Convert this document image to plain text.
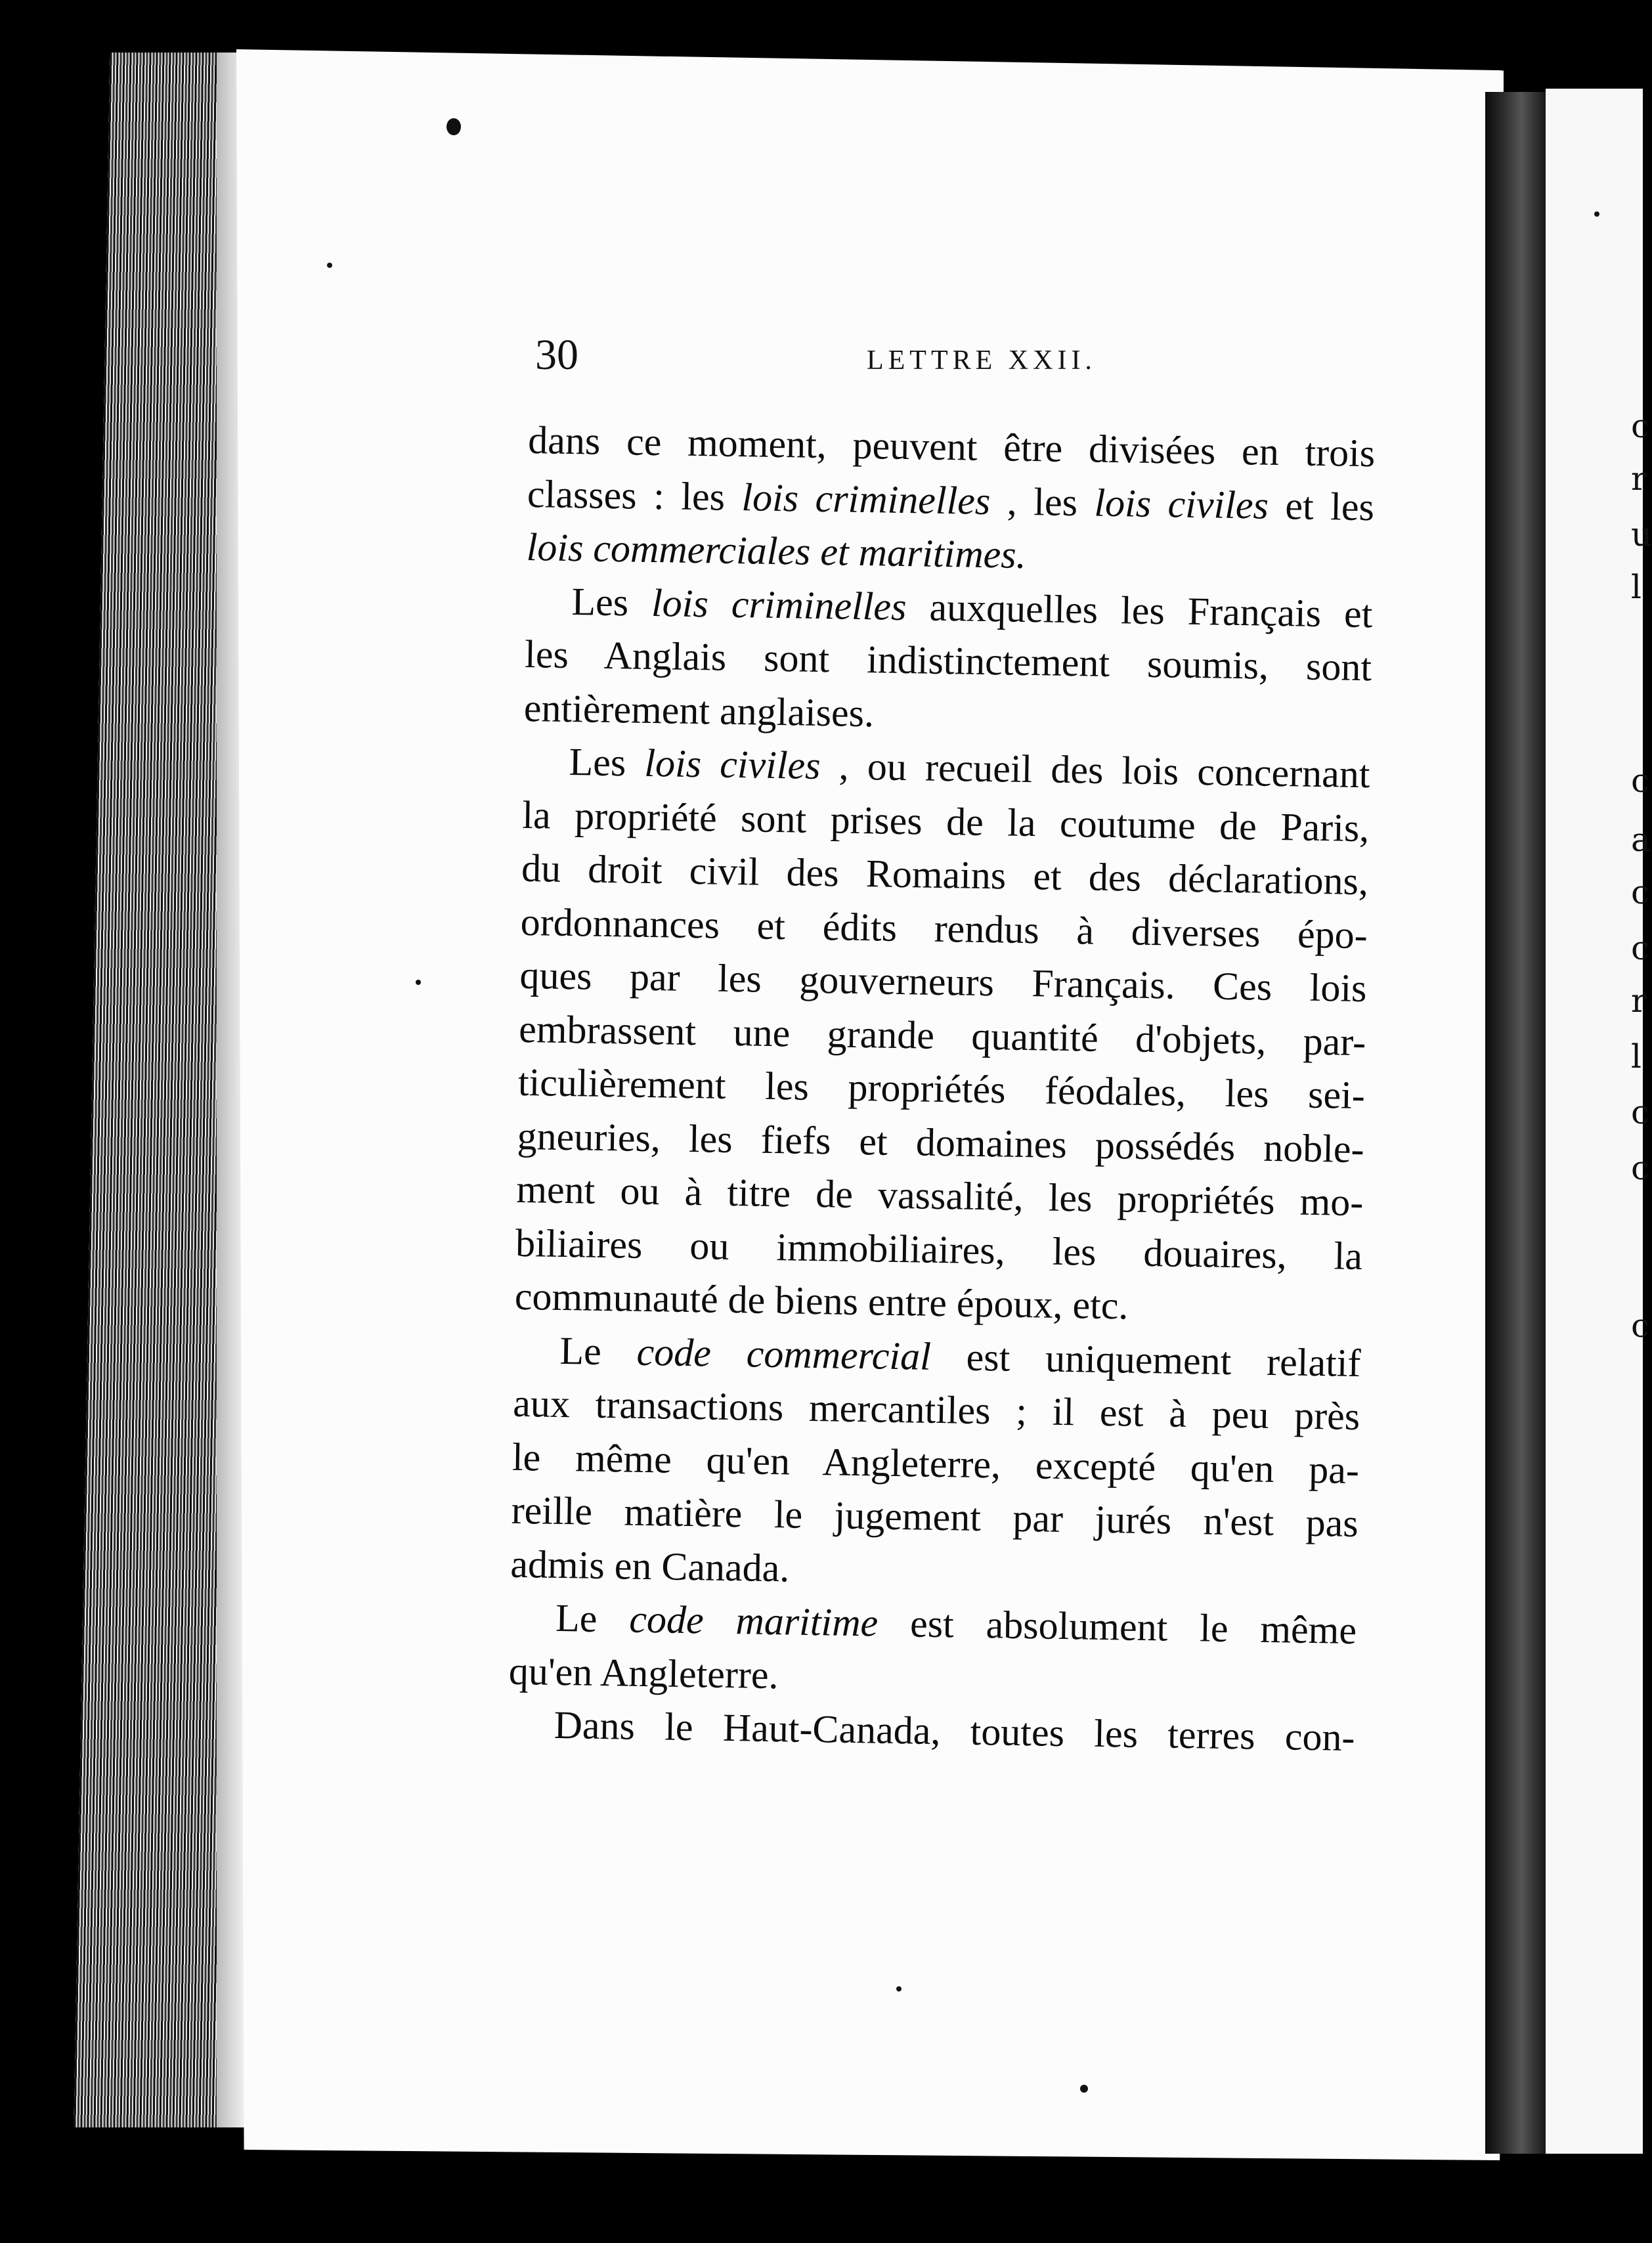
30	LETTRE XXII.

dans ce moment, peuvent être divisées en trois

classes : les lois criminelles , les lois civiles et les

lois commerciales et maritimes.

Les lois criminelles auxquelles les Français et

les Anglais sont indistinctement soumis, sont

entièrement anglaises.

Les lois civiles , ou recueil des lois concernant

la propriété sont prises de la coutume de Paris,

du droit civil des Romains et des déclarations,

ordonnances et édits rendus à diverses épo-

ques par les gouverneurs Français. Ces lois

embrassent une grande quantité d'objets, par-

ticulièrement les propriétés féodales, les sei-

gneuries, les fiefs et domaines possédés noble-

ment ou à titre de vassalité, les propriétés mo-

biliaires ou immobiliaires, les douaires, la

communauté de biens entre époux, etc.

Le code commercial est uniquement relatif

aux transactions mercantiles ; il est à peu près

le même qu'en Angleterre, excepté qu'en pa-

reille matière le jugement par jurés n'est pas

admis en Canada.

Le code maritime est absolument le même

qu'en Angleterre.

Dans le Haut-Canada, toutes les terres con-

c
r
u
l
c
a
c
c
r
l
c
c
c
